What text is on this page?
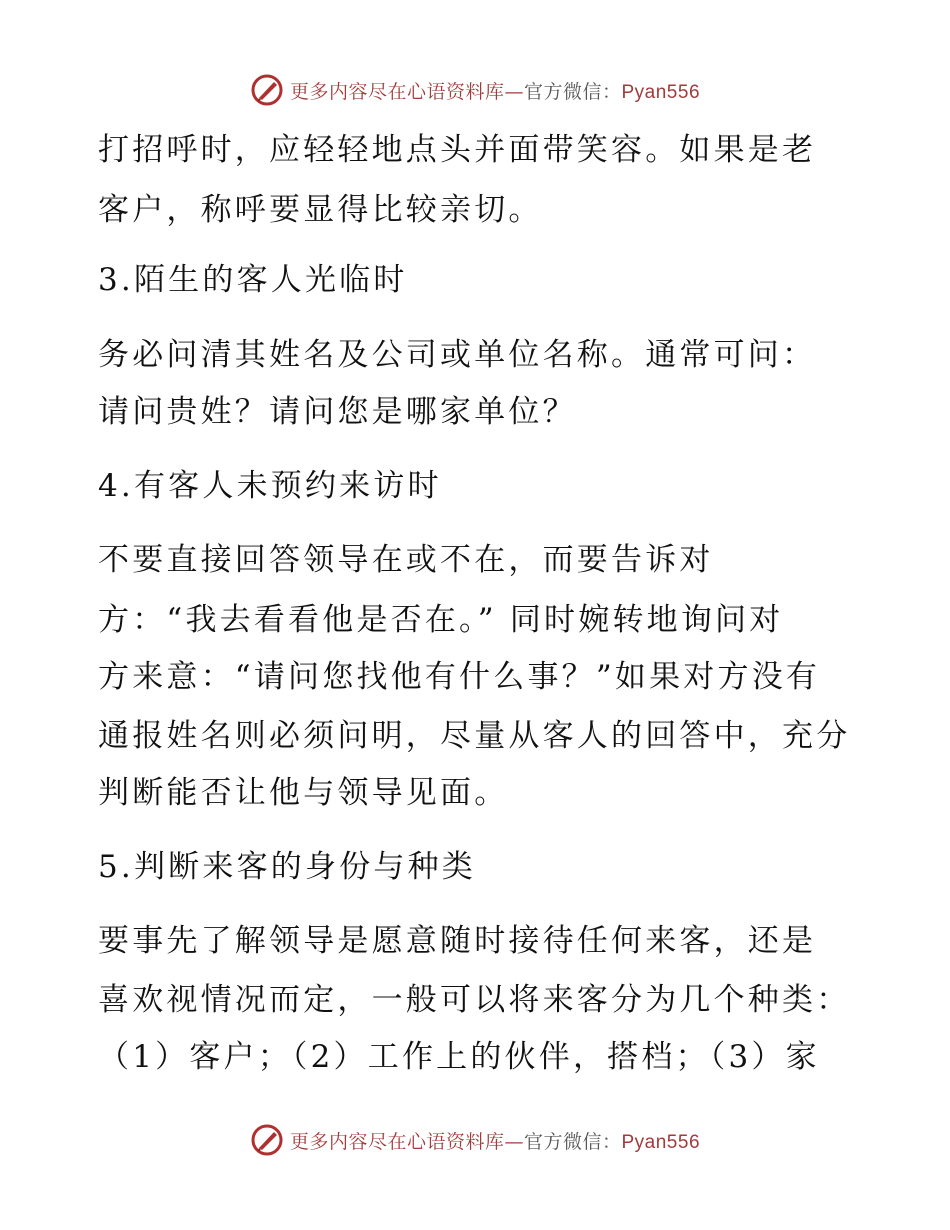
更多内容尽在心语资料库—官方微信：Pyan556
打招呼时，应轻轻地点头并面带笑容。如果是老
客户，称呼要显得比较亲切。
3.陌生的客人光临时
务必问清其姓名及公司或单位名称。通常可问：
请问贵姓？请问您是哪家单位？
4.有客人未预约来访时
不要直接回答领导在或不在，而要告诉对
方：“我去看看他是否在。” 同时婉转地询问对
方来意：“请问您找他有什么事？”如果对方没有
通报姓名则必须问明，尽量从客人的回答中，充分
判断能否让他与领导见面。
5.判断来客的身份与种类
要事先了解领导是愿意随时接待任何来客，还是
喜欢视情况而定，一般可以将来客分为几个种类：
（1）客户；（2）工作上的伙伴，搭档；（3）家
更多内容尽在心语资料库—官方微信：Pyan556
